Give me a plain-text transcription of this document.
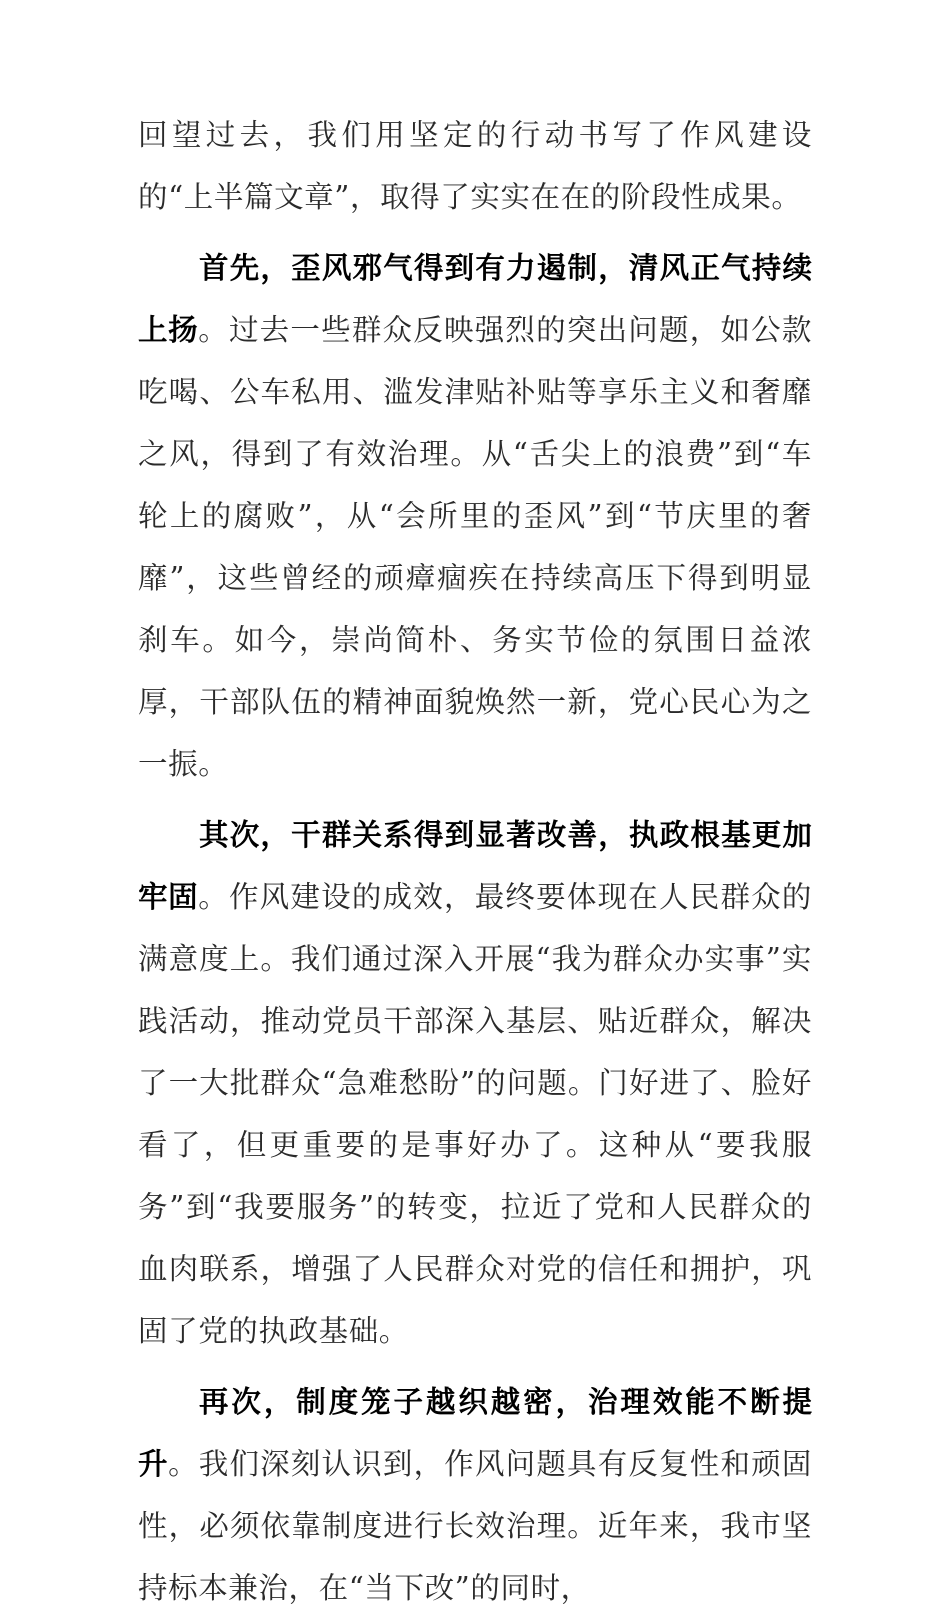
回望过去，我们用坚定的行动书写了作风建设的“上半篇文章”，取得了实实在在的阶段性成果。

首先，歪风邪气得到有力遏制，清风正气持续上扬。过去一些群众反映强烈的突出问题，如公款吃喝、公车私用、滥发津贴补贴等享乐主义和奢靡之风，得到了有效治理。从“舌尖上的浪费”到“车轮上的腐败”，从“会所里的歪风”到“节庆里的奢靡”，这些曾经的顽瘴痼疾在持续高压下得到明显刹车。如今，崇尚简朴、务实节俭的氛围日益浓厚，干部队伍的精神面貌焕然一新，党心民心为之一振。

其次，干群关系得到显著改善，执政根基更加牢固。作风建设的成效，最终要体现在人民群众的满意度上。我们通过深入开展“我为群众办实事”实践活动，推动党员干部深入基层、贴近群众，解决了一大批群众“急难愁盼”的问题。门好进了、脸好看了，但更重要的是事好办了。这种从“要我服务”到“我要服务”的转变，拉近了党和人民群众的血肉联系，增强了人民群众对党的信任和拥护，巩固了党的执政基础。

再次，制度笼子越织越密，治理效能不断提升。我们深刻认识到，作风问题具有反复性和顽固性，必须依靠制度进行长效治理。近年来，我市坚持标本兼治，在“当下改”的同时，
